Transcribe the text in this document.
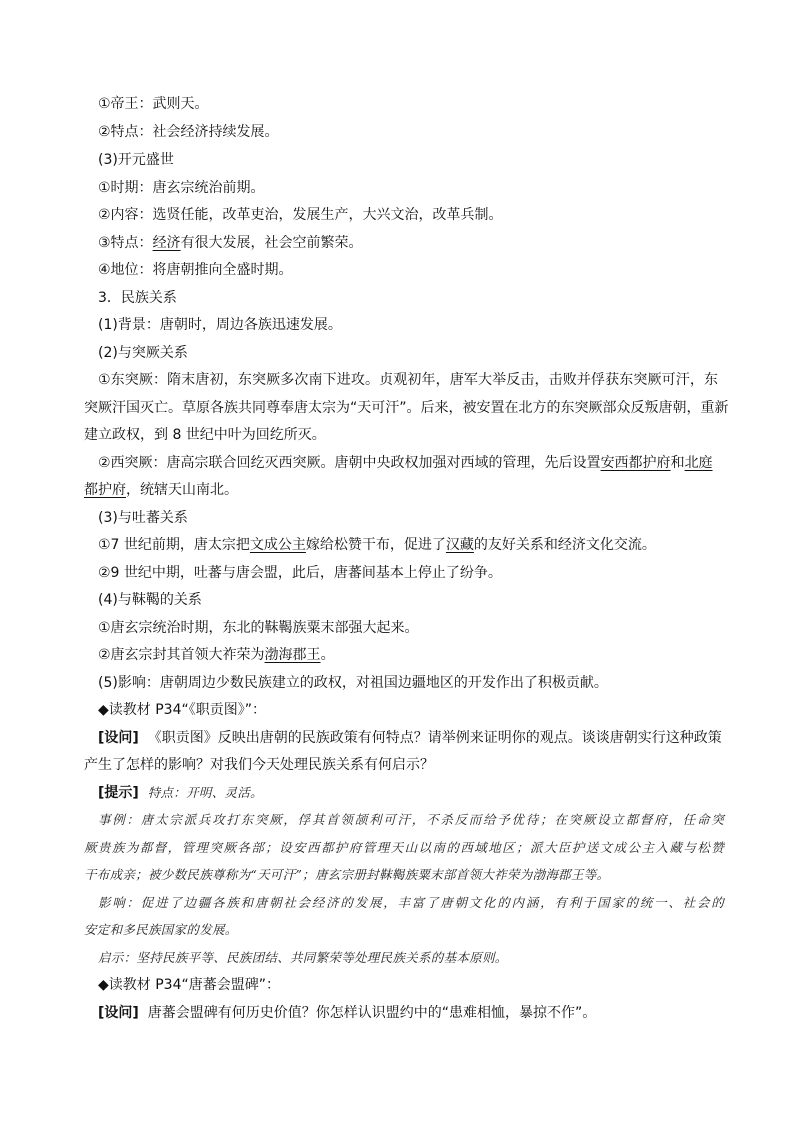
①帝王：武则天。
②特点：社会经济持续发展。
(3)开元盛世
①时期：唐玄宗统治前期。
②内容：选贤任能，改革吏治，发展生产，大兴文治，改革兵制。
③特点：经济有很大发展，社会空前繁荣。
④地位：将唐朝推向全盛时期。
3．民族关系
(1)背景：唐朝时，周边各族迅速发展。
(2)与突厥关系
①东突厥：隋末唐初，东突厥多次南下进攻。贞观初年，唐军大举反击，击败并俘获东突厥可汗，东
突厥汗国灭亡。草原各族共同尊奉唐太宗为“天可汗”。后来，被安置在北方的东突厥部众反叛唐朝，重新
建立政权，到 8 世纪中叶为回纥所灭。
②西突厥：唐高宗联合回纥灭西突厥。唐朝中央政权加强对西域的管理，先后设置安西都护府和北庭
都护府，统辖天山南北。
(3)与吐蕃关系
①7 世纪前期，唐太宗把文成公主嫁给松赞干布，促进了汉藏的友好关系和经济文化交流。
②9 世纪中期，吐蕃与唐会盟，此后，唐蕃间基本上停止了纷争。
(4)与靺鞨的关系
①唐玄宗统治时期，东北的靺鞨族粟末部强大起来。
②唐玄宗封其首领大祚荣为渤海郡王。
(5)影响：唐朝周边少数民族建立的政权，对祖国边疆地区的开发作出了积极贡献。
◆读教材 P34“《职贡图》”：
[设问] 《职贡图》反映出唐朝的民族政策有何特点？请举例来证明你的观点。谈谈唐朝实行这种政策
产生了怎样的影响？对我们今天处理民族关系有何启示？
[提示] 特点：开明、灵活。
事例：唐太宗派兵攻打东突厥，俘其首领颉利可汗，不杀反而给予优待；在突厥设立都督府，任命突
厥贵族为都督，管理突厥各部；设安西都护府管理天山以南的西域地区；派大臣护送文成公主入藏与松赞
干布成亲；被少数民族尊称为“天可汗”；唐玄宗册封靺鞨族粟末部首领大祚荣为渤海郡王等。
影响：促进了边疆各族和唐朝社会经济的发展，丰富了唐朝文化的内涵，有利于国家的统一、社会的
安定和多民族国家的发展。
启示：坚持民族平等、民族团结、共同繁荣等处理民族关系的基本原则。
◆读教材 P34“唐蕃会盟碑”：
[设问] 唐蕃会盟碑有何历史价值？你怎样认识盟约中的“患难相恤，暴掠不作”。
